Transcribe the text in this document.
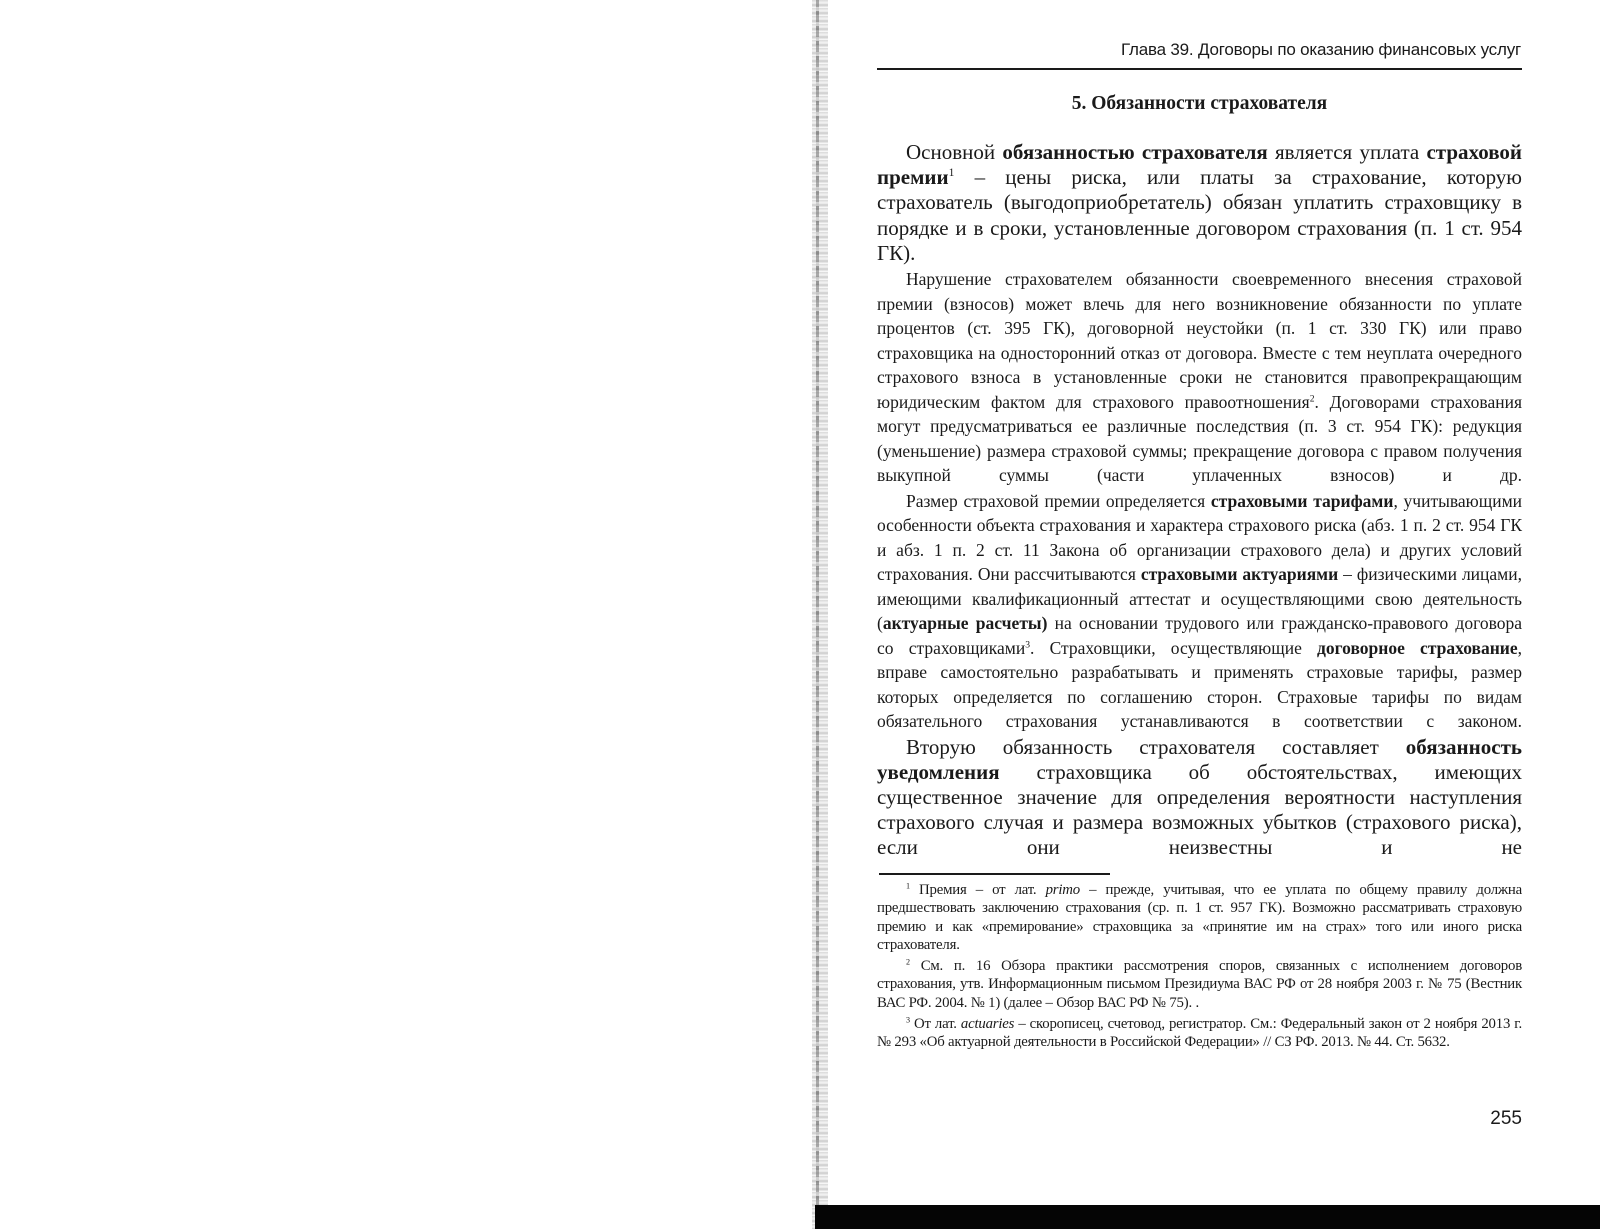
Глава 39. Договоры по оказанию финансовых услуг
5. Обязанности страхователя

Основной обязанностью страхователя является уплата страховой премии$^1$ – цены риска, или платы за страхование, которую страхователь (выгодоприобретатель) обязан уплатить страховщику в порядке и в сроки, установленные договором страхования (п. 1 ст. 954 ГК).

Нарушение страхователем обязанности своевременного внесения страховой премии (взносов) может влечь для него возникновение обязанности по уплате процентов (ст. 395 ГК), договорной неустойки (п. 1 ст. 330 ГК) или право страховщика на односторонний отказ от договора. Вместе с тем неуплата очередного страхового взноса в установленные сроки не становится правопрекращающим юридическим фактом для страхового правоотношения$^2$. Договорами страхования могут предусматриваться ее различные последствия (п. 3 ст. 954 ГК): редукция (уменьшение) размера страховой суммы; прекращение договора с правом получения выкупной суммы (части уплаченных взносов) и др.

Размер страховой премии определяется страховыми тарифами, учитывающими особенности объекта страхования и характера страхового риска (абз. 1 п. 2 ст. 954 ГК и абз. 1 п. 2 ст. 11 Закона об организации страхового дела) и других условий страхования. Они рассчитываются страховыми актуариями – физическими лицами, имеющими квалификационный аттестат и осуществляющими свою деятельность (актуарные расчеты) на основании трудового или гражданско-правового договора со страховщиками$^3$. Страховщики, осуществляющие договорное страхование, вправе самостоятельно разрабатывать и применять страховые тарифы, размер которых определяется по соглашению сторон. Страховые тарифы по видам обязательного страхования устанавливаются в соответствии с законом.

Вторую обязанность страхователя составляет обязанность уведомления страховщика об обстоятельствах, имеющих существенное значение для определения вероятности наступления страхового случая и размера возможных убытков (страхового риска), если они неизвестны и не

$^1$ Премия – от лат. primo – прежде, учитывая, что ее уплата по общему правилу должна предшествовать заключению страхования (ср. п. 1 ст. 957 ГК). Возможно рассматривать страховую премию и как «премирование» страховщика за «принятие им на страх» того или иного риска страхователя.

$^2$ См. п. 16 Обзора практики рассмотрения споров, связанных с исполнением договоров страхования, утв. Информационным письмом Президиума ВАС РФ от 28 ноября 2003 г. № 75 (Вестник ВАС РФ. 2004. № 1) (далее – Обзор ВАС РФ № 75). .

$^3$ От лат. actuaries – скорописец, счетовод, регистратор. См.: Федеральный закон от 2 ноября 2013 г. № 293 «Об актуарной деятельности в Российской Федерации» // СЗ РФ. 2013. № 44. Ст. 5632.

255
